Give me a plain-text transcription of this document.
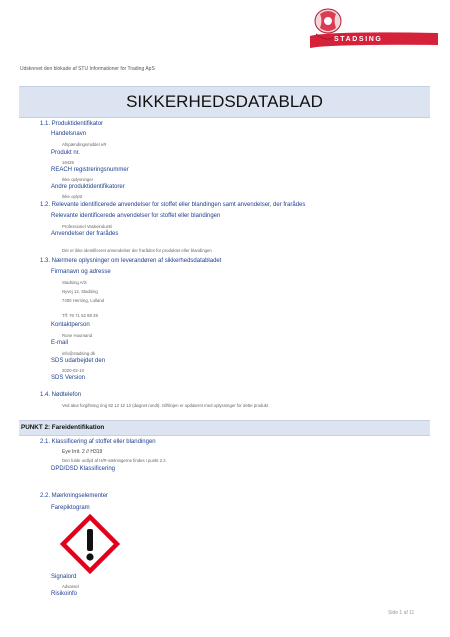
STADSING
Udskrevet den blokade af STU Informationer for Trading ApS
SIKKERHEDSDATABLAD
1.1. Produktidentifikator
Handelsnavn
Afspændingsmiddel eR
Produkt nr.
19425
REACH registreringsnummer
Ikke oplysninger
Andre produktidentifikatorer
Ikke oplyst
1.2. Relevante identificerede anvendelser for stoffet eller blandingen samt anvendelser, der frarådes
Relevante identificerede anvendelser for stoffet eller blandingen
Professionel Vaskeindustri
Anvendelser der frarådes
Der er ikke identificeret anvendelser der frarådes for produktet eller blandingen
1.3. Nærmere oplysninger om leverandøren af sikkerhedsdatabladet
Firmanavn og adresse
Stadsing A/S
Nyvej 12, Stadsing
7400 Herning, Lolland
Tlf: 76 71 52 88 39
Kontaktperson
Rune Houmand
E-mail
info@stadsing.dk
SDS udarbejdet den
2020-02-10
SDS Version
1.4. Nødtelefon
Ved akut forgiftning ring 82 12 12 12 (døgnet rundt). Giftlinjen er opdateret med oplysninger for dette produkt
PUNKT 2: Fareidentifikation
2.1. Klassificering af stoffet eller blandingen
Eye Irrit. 2 // H319
Den fulde ordlyd af H/R-sætningerne findes i punkt 2.2.
DPD/DSD Klassificering
2.2. Mærkningselementer
Farepiktogram
Signalord
Advarsel
Risikoinfo
Side 1 af 11
